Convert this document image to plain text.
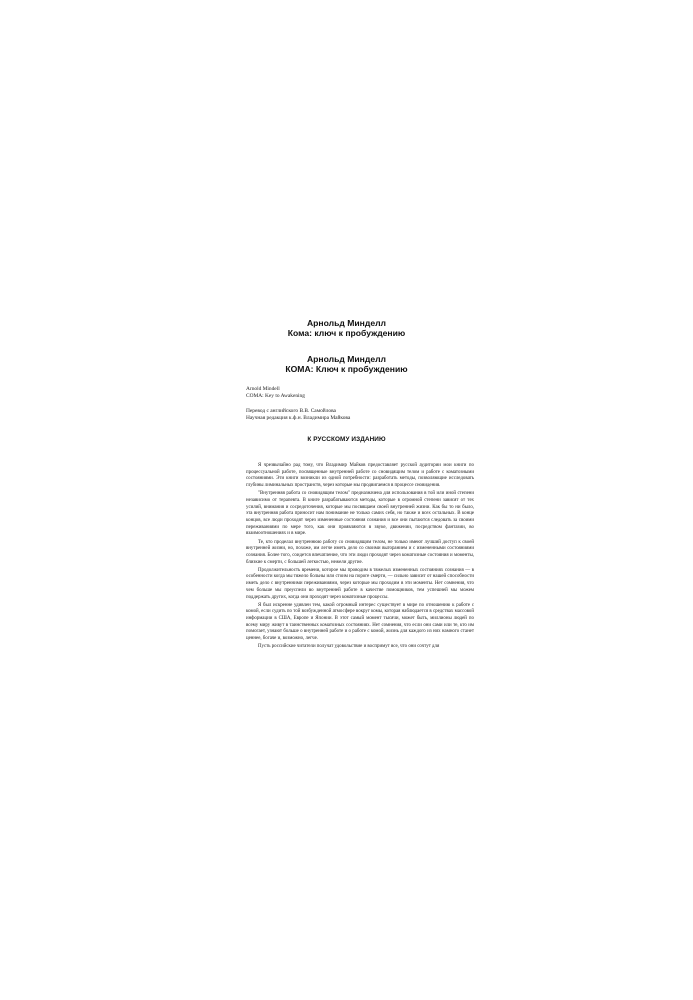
Арнольд Минделл
Кома: ключ к пробуждению
Арнольд Минделл
КОМА: Ключ к пробуждению
Arnold Mindell
COMA: Key to Awakening
Перевод с английского В.В. Самойлова
Научная редакция к.ф.н. Владимира Майкова
К РУССКОМУ ИЗДАНИЮ

Я чрезвычайно рад тому, что Владимир Майков предоставляет русской аудитории мои книги по процессуальной работе, посвященные внутренней работе со сновидящим телом и работе с коматозными состояниями. Эти книги возникли из одной потребности: разработать методы, позволяющие исследовать глубины лиминальных пространств, через которые мы продвигаемся в процессе сновидения.

"Внутренняя работа со сновидящим телом" предназначена для использования в той или иной степени независимо от терапевта. В книге разрабатываются методы, которые в огромной степени зависят от тех усилий, внимания и сосредоточения, которые мы посвящаем своей внутренней жизни. Как бы то ни было, эта внутренняя работа приносит нам понимание не только самих себя, но также и всех остальных. В конце концов, все люди проходят через измененные состояния сознания и все они пытаются следовать за своими переживаниями по мере того, как они проявляются в звуке, движении, посредством фантазии, во взаимоотношениях и в мире.

Те, кто проделал внутреннюю работу со сновидящим телом, не только имеют лучший доступ к своей внутренней жизни, но, похоже, им легче иметь дело со своими выгоранием и с измененными состояниями сознания. Более того, соидется впечатление, что эти люди проходят через коматозные состояния и моменты, близкие к смерти, с большей легкостью, нежели другие.

Продолжительность времени, которое мы проводим в тяжелых измененных состояниях сознания — в особенности когда мы тяжело больны или стоим на пороге смерти, — сильно зависит от нашей способности иметь дело с внутренними переживаниями, через которые мы проходим в эти моменты. Нет сомнения, что чем больше мы преуспели во внутренней работе в качестве помощников, тем успешней мы можем поддержать других, когда они проходят через коматозные процессы.

Я был искренне удивлен тем, какой огромный интерес существует в мире по отношению к работе с комой, если судить по той возбужденной атмосфере вокруг комы, которая наблюдается в средствах массовой информации в США, Европе и Японии. В этот самый момент тысячи, может быть, миллионы людей по всему миру живут в таинственных коматозных состояниях. Нет сомнения, что если они сами или те, кто им помогает, узнают больше о внутренней работе и о работе с комой, жизнь для каждого из них намного станет ценнее, богаче и, возможно, легче.

Пусть российские читатели получат удовольствие и воспримут все, что они сочтут для
